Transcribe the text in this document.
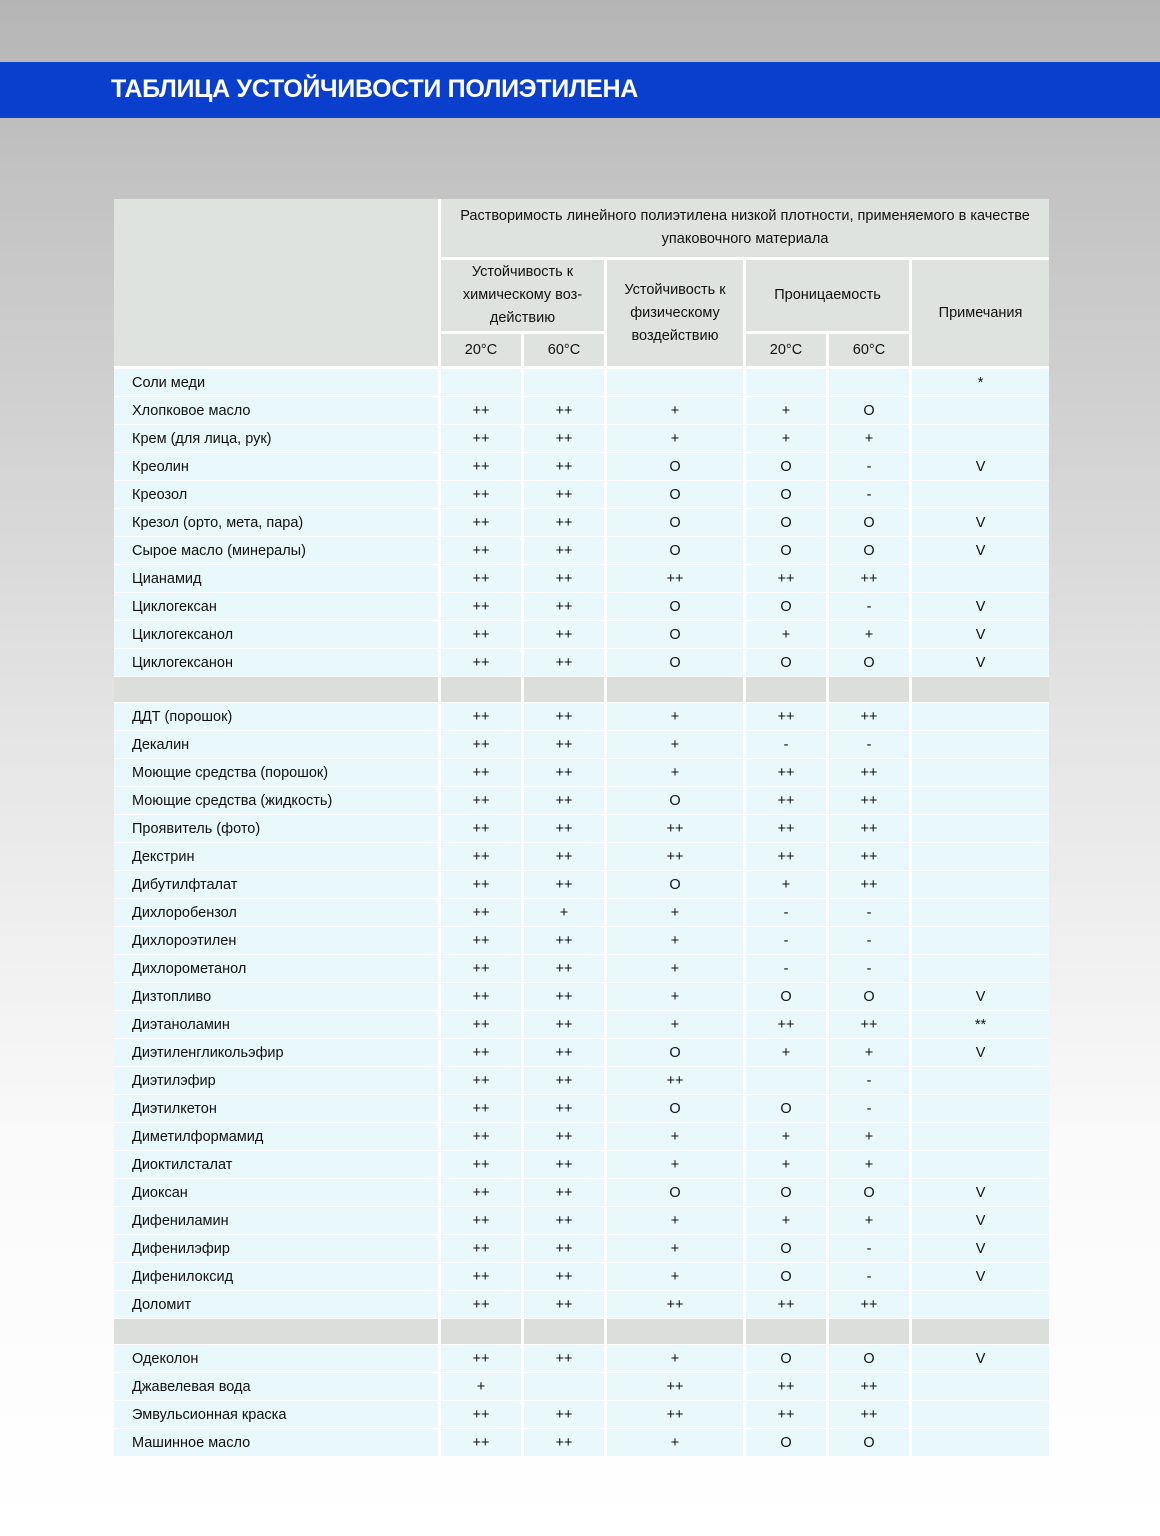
ТАБЛИЦА УСТОЙЧИВОСТИ ПОЛИЭТИЛЕНА
	Растворимость линейного полиэтилена низкой плотности, применяемого в качестве упаковочного материала					
	Устойчивость к химическому воз-действию		Устойчивость к физическому воздействию	Проницаемость		Примечания
	20°C	60°C		20°C	60°C	
Соли меди						*
Хлопковое масло	++	++	+	+	O	
Крем (для лица, рук)	++	++	+	+	+	
Креолин	++	++	O	O	-	V
Креозол	++	++	O	O	-	
Крезол (орто, мета, пара)	++	++	O	O	O	V
Сырое масло (минералы)	++	++	O	O	O	V
Цианамид	++	++	++	++	++	
Циклогексан	++	++	O	O	-	V
Циклогексанол	++	++	O	+	+	V
Циклогексанон	++	++	O	O	O	V

ДДТ (порошок)	++	++	+	++	++	
Декалин	++	++	+	-	-	
Моющие средства (порошок)	++	++	+	++	++	
Моющие средства (жидкость)	++	++	O	++	++	
Проявитель (фото)	++	++	++	++	++	
Декстрин	++	++	++	++	++	
Дибутилфталат	++	++	O	+	++	
Дихлоробензол	++	+	+	-	-	
Дихлороэтилен	++	++	+	-	-	
Дихлорометанол	++	++	+	-	-	
Дизтопливо	++	++	+	O	O	V
Диэтаноламин	++	++	+	++	++	**
Диэтиленгликольэфир	++	++	O	+	+	V
Диэтилэфир	++	++	++		-	
Диэтилкетон	++	++	O	O	-	
Диметилформамид	++	++	+	+	+	
Диоктилсталат	++	++	+	+	+	
Диоксан	++	++	O	O	O	V
Дифениламин	++	++	+	+	+	V
Дифенилэфир	++	++	+	O	-	V
Дифенилоксид	++	++	+	O	-	V
Доломит	++	++	++	++	++	

Одеколон	++	++	+	O	O	V
Джавелевая вода	+		++	++	++	
Эмвульсионная краска	++	++	++	++	++	
Машинное масло	++	++	+	O	O	
